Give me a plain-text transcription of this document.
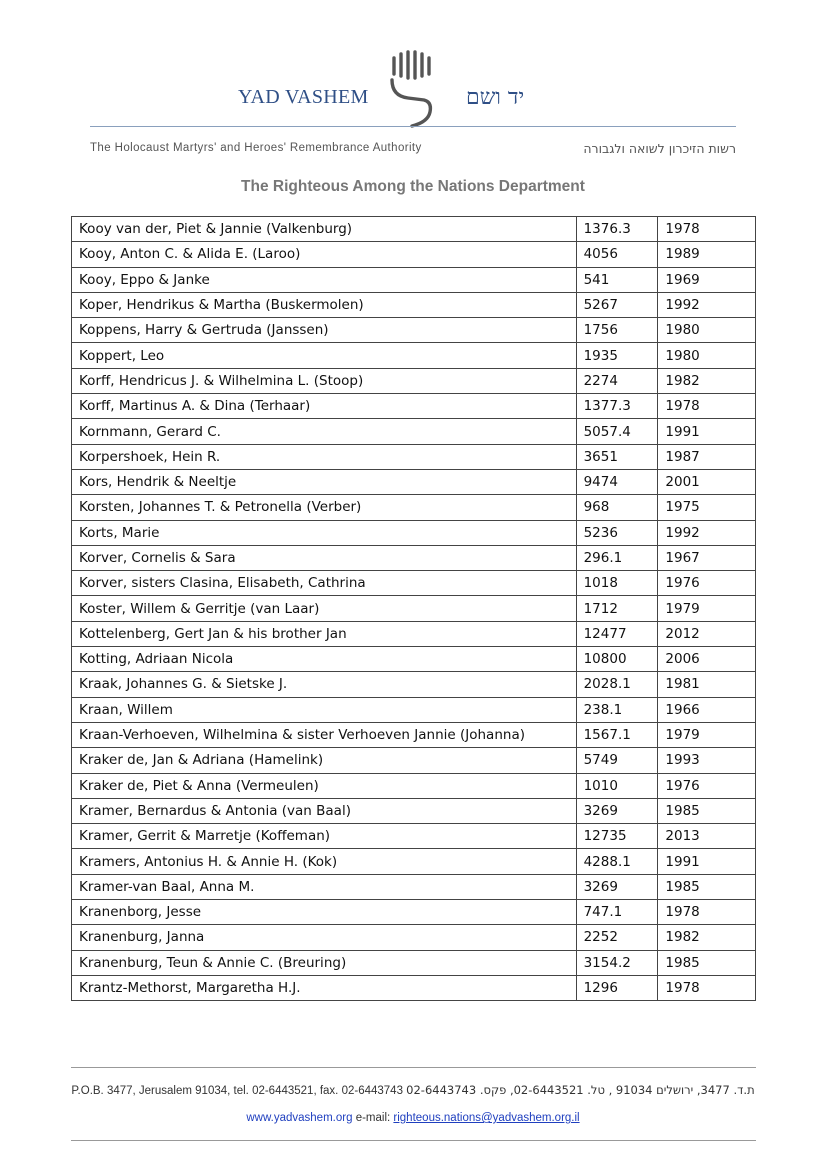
YAD VASHEM	יד ושם
The Holocaust Martyrs' and Heroes' Remembrance Authority	רשות הזיכרון לשואה ולגבורה
The Righteous Among the Nations Department
Kooy van der, Piet & Jannie (Valkenburg)	1376.3	1978
Kooy, Anton C. & Alida E. (Laroo)	4056	1989
Kooy, Eppo & Janke	541	1969
Koper, Hendrikus & Martha (Buskermolen)	5267	1992
Koppens, Harry & Gertruda (Janssen)	1756	1980
Koppert, Leo	1935	1980
Korff, Hendricus J. & Wilhelmina L. (Stoop)	2274	1982
Korff, Martinus A. & Dina (Terhaar)	1377.3	1978
Kornmann, Gerard C.	5057.4	1991
Korpershoek, Hein R.	3651	1987
Kors, Hendrik & Neeltje	9474	2001
Korsten, Johannes T. & Petronella (Verber)	968	1975
Korts, Marie	5236	1992
Korver, Cornelis & Sara	296.1	1967
Korver, sisters Clasina, Elisabeth, Cathrina	1018	1976
Koster, Willem & Gerritje (van Laar)	1712	1979
Kottelenberg, Gert Jan & his brother Jan	12477	2012
Kotting, Adriaan Nicola	10800	2006
Kraak, Johannes G. & Sietske J.	2028.1	1981
Kraan, Willem	238.1	1966
Kraan-Verhoeven, Wilhelmina & sister Verhoeven Jannie (Johanna)	1567.1	1979
Kraker de, Jan & Adriana (Hamelink)	5749	1993
Kraker de, Piet & Anna (Vermeulen)	1010	1976
Kramer, Bernardus & Antonia (van Baal)	3269	1985
Kramer, Gerrit & Marretje (Koffeman)	12735	2013
Kramers, Antonius H. & Annie H. (Kok)	4288.1	1991
Kramer-van Baal, Anna M.	3269	1985
Kranenborg, Jesse	747.1	1978
Kranenburg, Janna	2252	1982
Kranenburg, Teun & Annie C. (Breuring)	3154.2	1985
Krantz-Methorst, Margaretha H.J.	1296	1978
P.O.B. 3477, Jerusalem 91034, tel. 02-6443521, fax. 02-6443743 ת.ד. 3477, ירושלים 91034 , טל. 02-6443521, פקס. 02-6443743
www.yadvashem.org e-mail: righteous.nations@yadvashem.org.il
